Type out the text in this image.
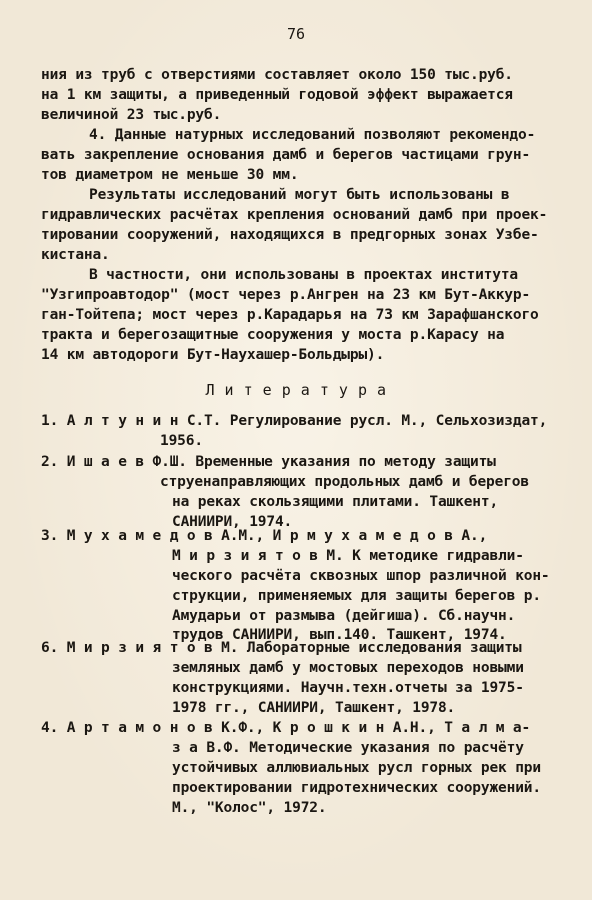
76
ния из труб с отверстиями составляет около 150 тыс.руб.
на 1 км защиты, а приведенный годовой эффект выражается
величиной 23 тыс.руб.
4. Данные натурных исследований позволяют рекомендо-
вать закрепление основания дамб и берегов частицами грун-
тов диаметром не меньше 30 мм.
Результаты исследований могут быть использованы в
гидравлических расчётах крепления оснований дамб при проек-
тировании сооружений, находящихся в предгорных зонах Узбе-
кистана.
В частности, они использованы в проектах института
"Узгипроавтодор" (мост через р.Ангрен на 23 км Бут-Аккур-
ган-Тойтепа; мост через р.Карадарья на 73 км Зарафшанского
тракта и берегозащитные сооружения у моста р.Карасу на
14 км автодороги Бут-Наухашер-Больдыры).
Л и т е р а т у р а
1. А л т у н и н С.Т. Регулирование русл. М., Сельхозиздат,
1956.
2. И ш а е в Ф.Ш. Временные указания по методу защиты
струенаправляющих продольных дамб и берегов
на реках скользящими плитами. Ташкент,
САНИИРИ, 1974.
3. М у х а м е д о в А.М., И р м у х а м е д о в А.,
М и р з и я т о в М. К методике гидравли-
ческого расчёта сквозных шпор различной кон-
струкции, применяемых для защиты берегов р.
Амударьи от размыва (дейгиша). Сб.научн.
трудов САНИИРИ, вып.140. Ташкент, 1974.
6. М и р з и я т о в М. Лабораторные исследования защиты
земляных дамб у мостовых переходов новыми
конструкциями. Научн.техн.отчеты за 1975-
1978 гг., САНИИРИ, Ташкент, 1978.
4. А р т а м о н о в К.Ф., К р о ш к и н А.Н., Т а л м а-
з а В.Ф. Методические указания по расчёту
устойчивых аллювиальных русл горных рек при
проектировании гидротехнических сооружений.
М., "Колос", 1972.
